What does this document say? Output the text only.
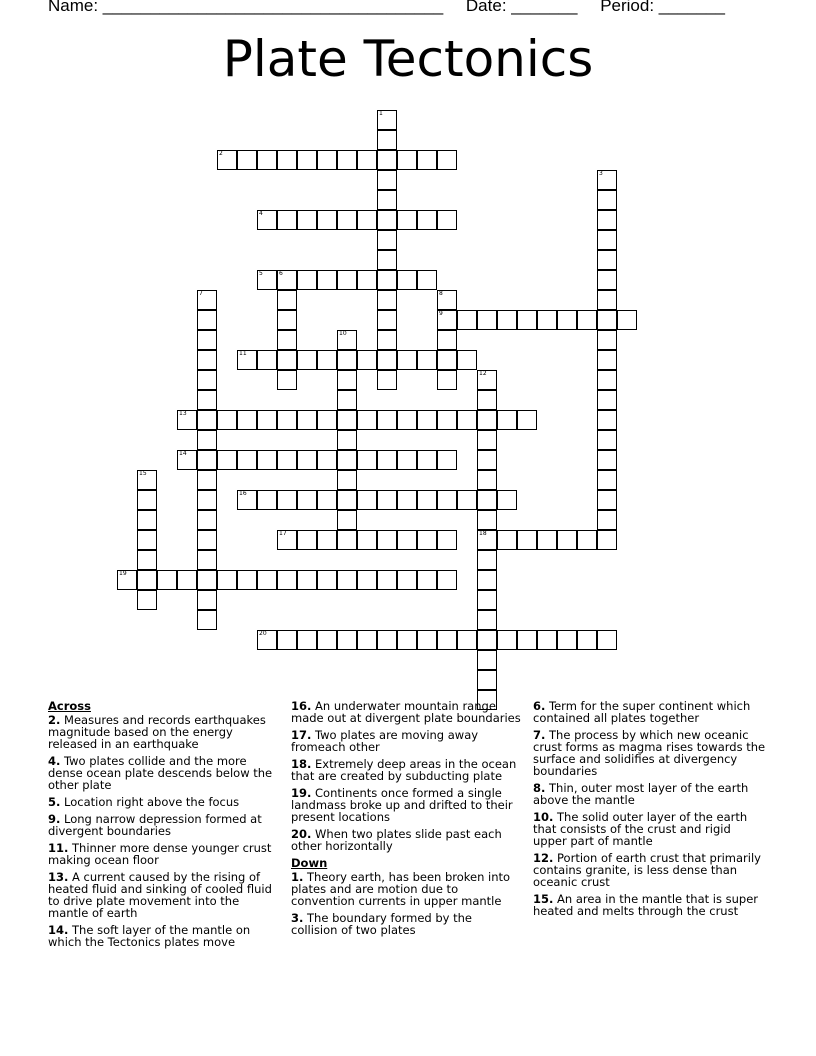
Name: ____________________________________ Date: _______ Period: _______
Plate Tectonics
1
2
3
4
5	6
7	8
9
10
11
12
18
13
14
15
16
17
19
20
Across
2. Measures and records earthquakes magnitude based on the energy released in an earthquake
4. Two plates collide and the more dense ocean plate descends below the other plate
5. Location right above the focus
9. Long narrow depression formed at divergent boundaries
11. Thinner more dense younger crust making ocean floor
13. A current caused by the rising of heated fluid and sinking of cooled fluid to drive plate movement into the mantle of earth
14. The soft layer of the mantle on which the Tectonics plates move
16. An underwater mountain range made out at divergent plate boundaries
17. Two plates are moving away fromeach other
18. Extremely deep areas in the ocean that are created by subducting plate
19. Continents once formed a single landmass broke up and drifted to their present locations
20. When two plates slide past each other horizontally
Down
1. Theory earth, has been broken into plates and are motion due to convention currents in upper mantle
3. The boundary formed by the collision of two plates
6. Term for the super continent which contained all plates together
7. The process by which new oceanic crust forms as magma rises towards the surface and solidifies at divergency boundaries
8. Thin, outer most layer of the earth above the mantle
10. The solid outer layer of the earth that consists of the crust and rigid upper part of mantle
12. Portion of earth crust that primarily contains granite, is less dense than oceanic crust
15. An area in the mantle that is super heated and melts through the crust
